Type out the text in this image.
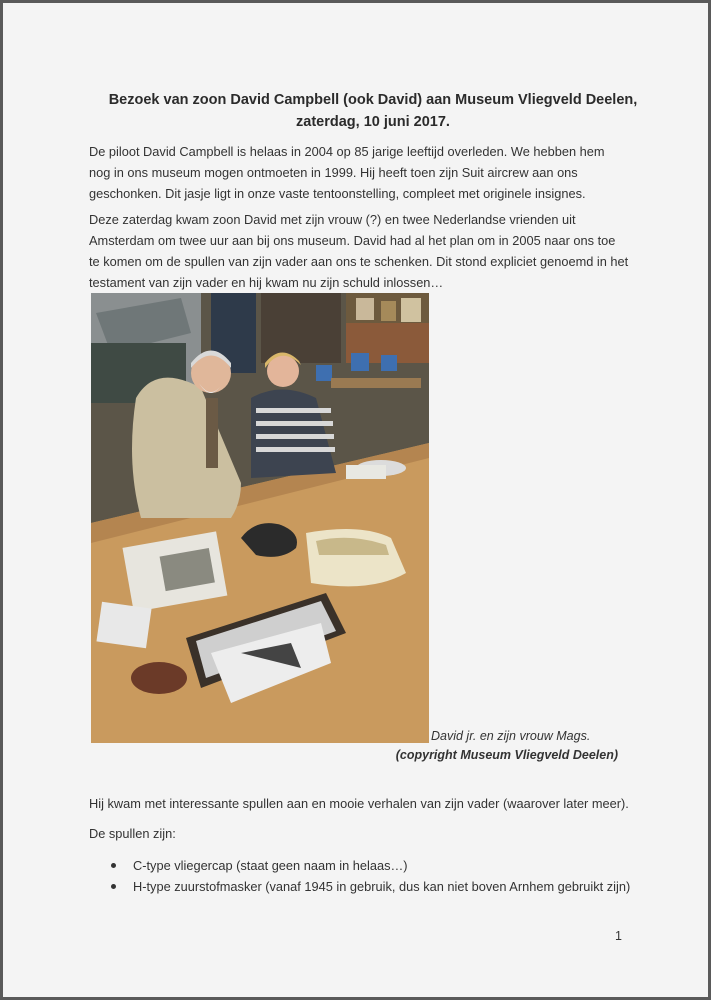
Bezoek van zoon David Campbell (ook David) aan Museum Vliegveld Deelen,
zaterdag, 10 juni 2017.
De piloot David Campbell is helaas in 2004 op 85 jarige leeftijd overleden. We hebben hem nog in ons museum mogen ontmoeten in 1999. Hij heeft toen zijn Suit aircrew aan ons geschonken. Dit jasje ligt in onze vaste tentoonstelling, compleet met originele insignes.
Deze zaterdag kwam zoon David met zijn vrouw (?) en twee Nederlandse vrienden uit Amsterdam om twee uur aan bij ons museum. David had al het plan om in 2005 naar ons toe te komen om de spullen van zijn vader aan ons te schenken. Dit stond expliciet genoemd in het testament van zijn vader en hij kwam nu zijn schuld inlossen…
David jr. en zijn vrouw Mags.
(copyright Museum Vliegveld Deelen)
Hij kwam met interessante spullen aan en mooie verhalen van zijn vader (waarover later meer).
De spullen zijn:
C-type vliegercap (staat geen naam in helaas…)
H-type zuurstofmasker (vanaf 1945 in gebruik, dus kan niet boven Arnhem gebruikt zijn)
1
